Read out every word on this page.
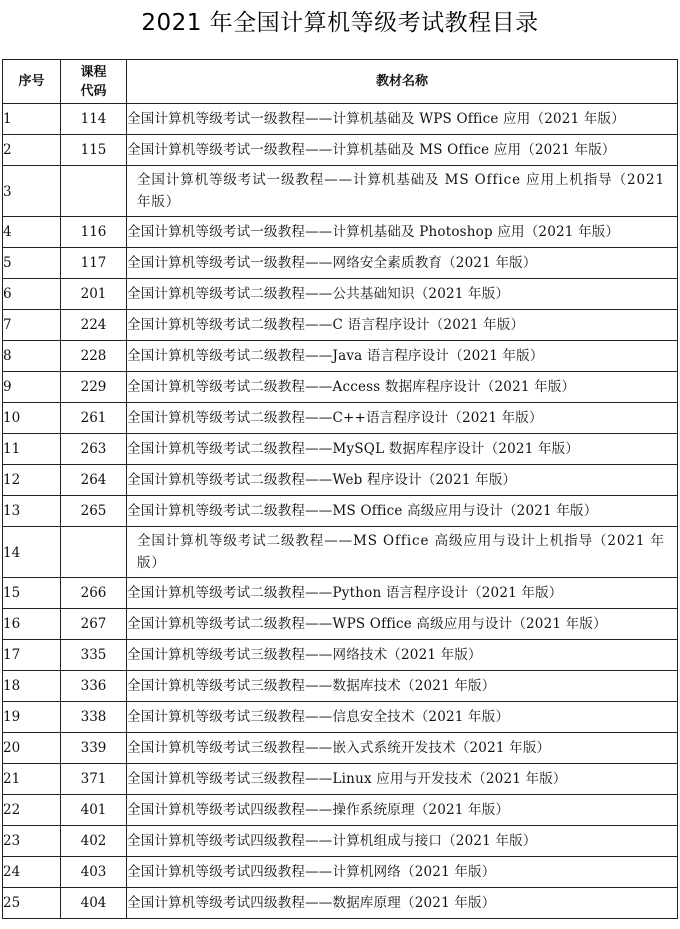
2021 年全国计算机等级考试教程目录
序号	课程代码	教材名称
1	114	全国计算机等级考试一级教程——计算机基础及 WPS Office 应用（2021 年版）
2	115	全国计算机等级考试一级教程——计算机基础及 MS Office 应用（2021 年版）
3		全国计算机等级考试一级教程——计算机基础及 MS Office 应用上机指导（2021 年版）
4	116	全国计算机等级考试一级教程——计算机基础及 Photoshop 应用（2021 年版）
5	117	全国计算机等级考试一级教程——网络安全素质教育（2021 年版）
6	201	全国计算机等级考试二级教程——公共基础知识（2021 年版）
7	224	全国计算机等级考试二级教程——C 语言程序设计（2021 年版）
8	228	全国计算机等级考试二级教程——Java 语言程序设计（2021 年版）
9	229	全国计算机等级考试二级教程——Access 数据库程序设计（2021 年版）
10	261	全国计算机等级考试二级教程——C++语言程序设计（2021 年版）
11	263	全国计算机等级考试二级教程——MySQL 数据库程序设计（2021 年版）
12	264	全国计算机等级考试二级教程——Web 程序设计（2021 年版）
13	265	全国计算机等级考试二级教程——MS Office 高级应用与设计（2021 年版）
14		全国计算机等级考试二级教程——MS Office 高级应用与设计上机指导（2021 年版）
15	266	全国计算机等级考试二级教程——Python 语言程序设计（2021 年版）
16	267	全国计算机等级考试二级教程——WPS Office 高级应用与设计（2021 年版）
17	335	全国计算机等级考试三级教程——网络技术（2021 年版）
18	336	全国计算机等级考试三级教程——数据库技术（2021 年版）
19	338	全国计算机等级考试三级教程——信息安全技术（2021 年版）
20	339	全国计算机等级考试三级教程——嵌入式系统开发技术（2021 年版）
21	371	全国计算机等级考试三级教程——Linux 应用与开发技术（2021 年版）
22	401	全国计算机等级考试四级教程——操作系统原理（2021 年版）
23	402	全国计算机等级考试四级教程——计算机组成与接口（2021 年版）
24	403	全国计算机等级考试四级教程——计算机网络（2021 年版）
25	404	全国计算机等级考试四级教程——数据库原理（2021 年版）
